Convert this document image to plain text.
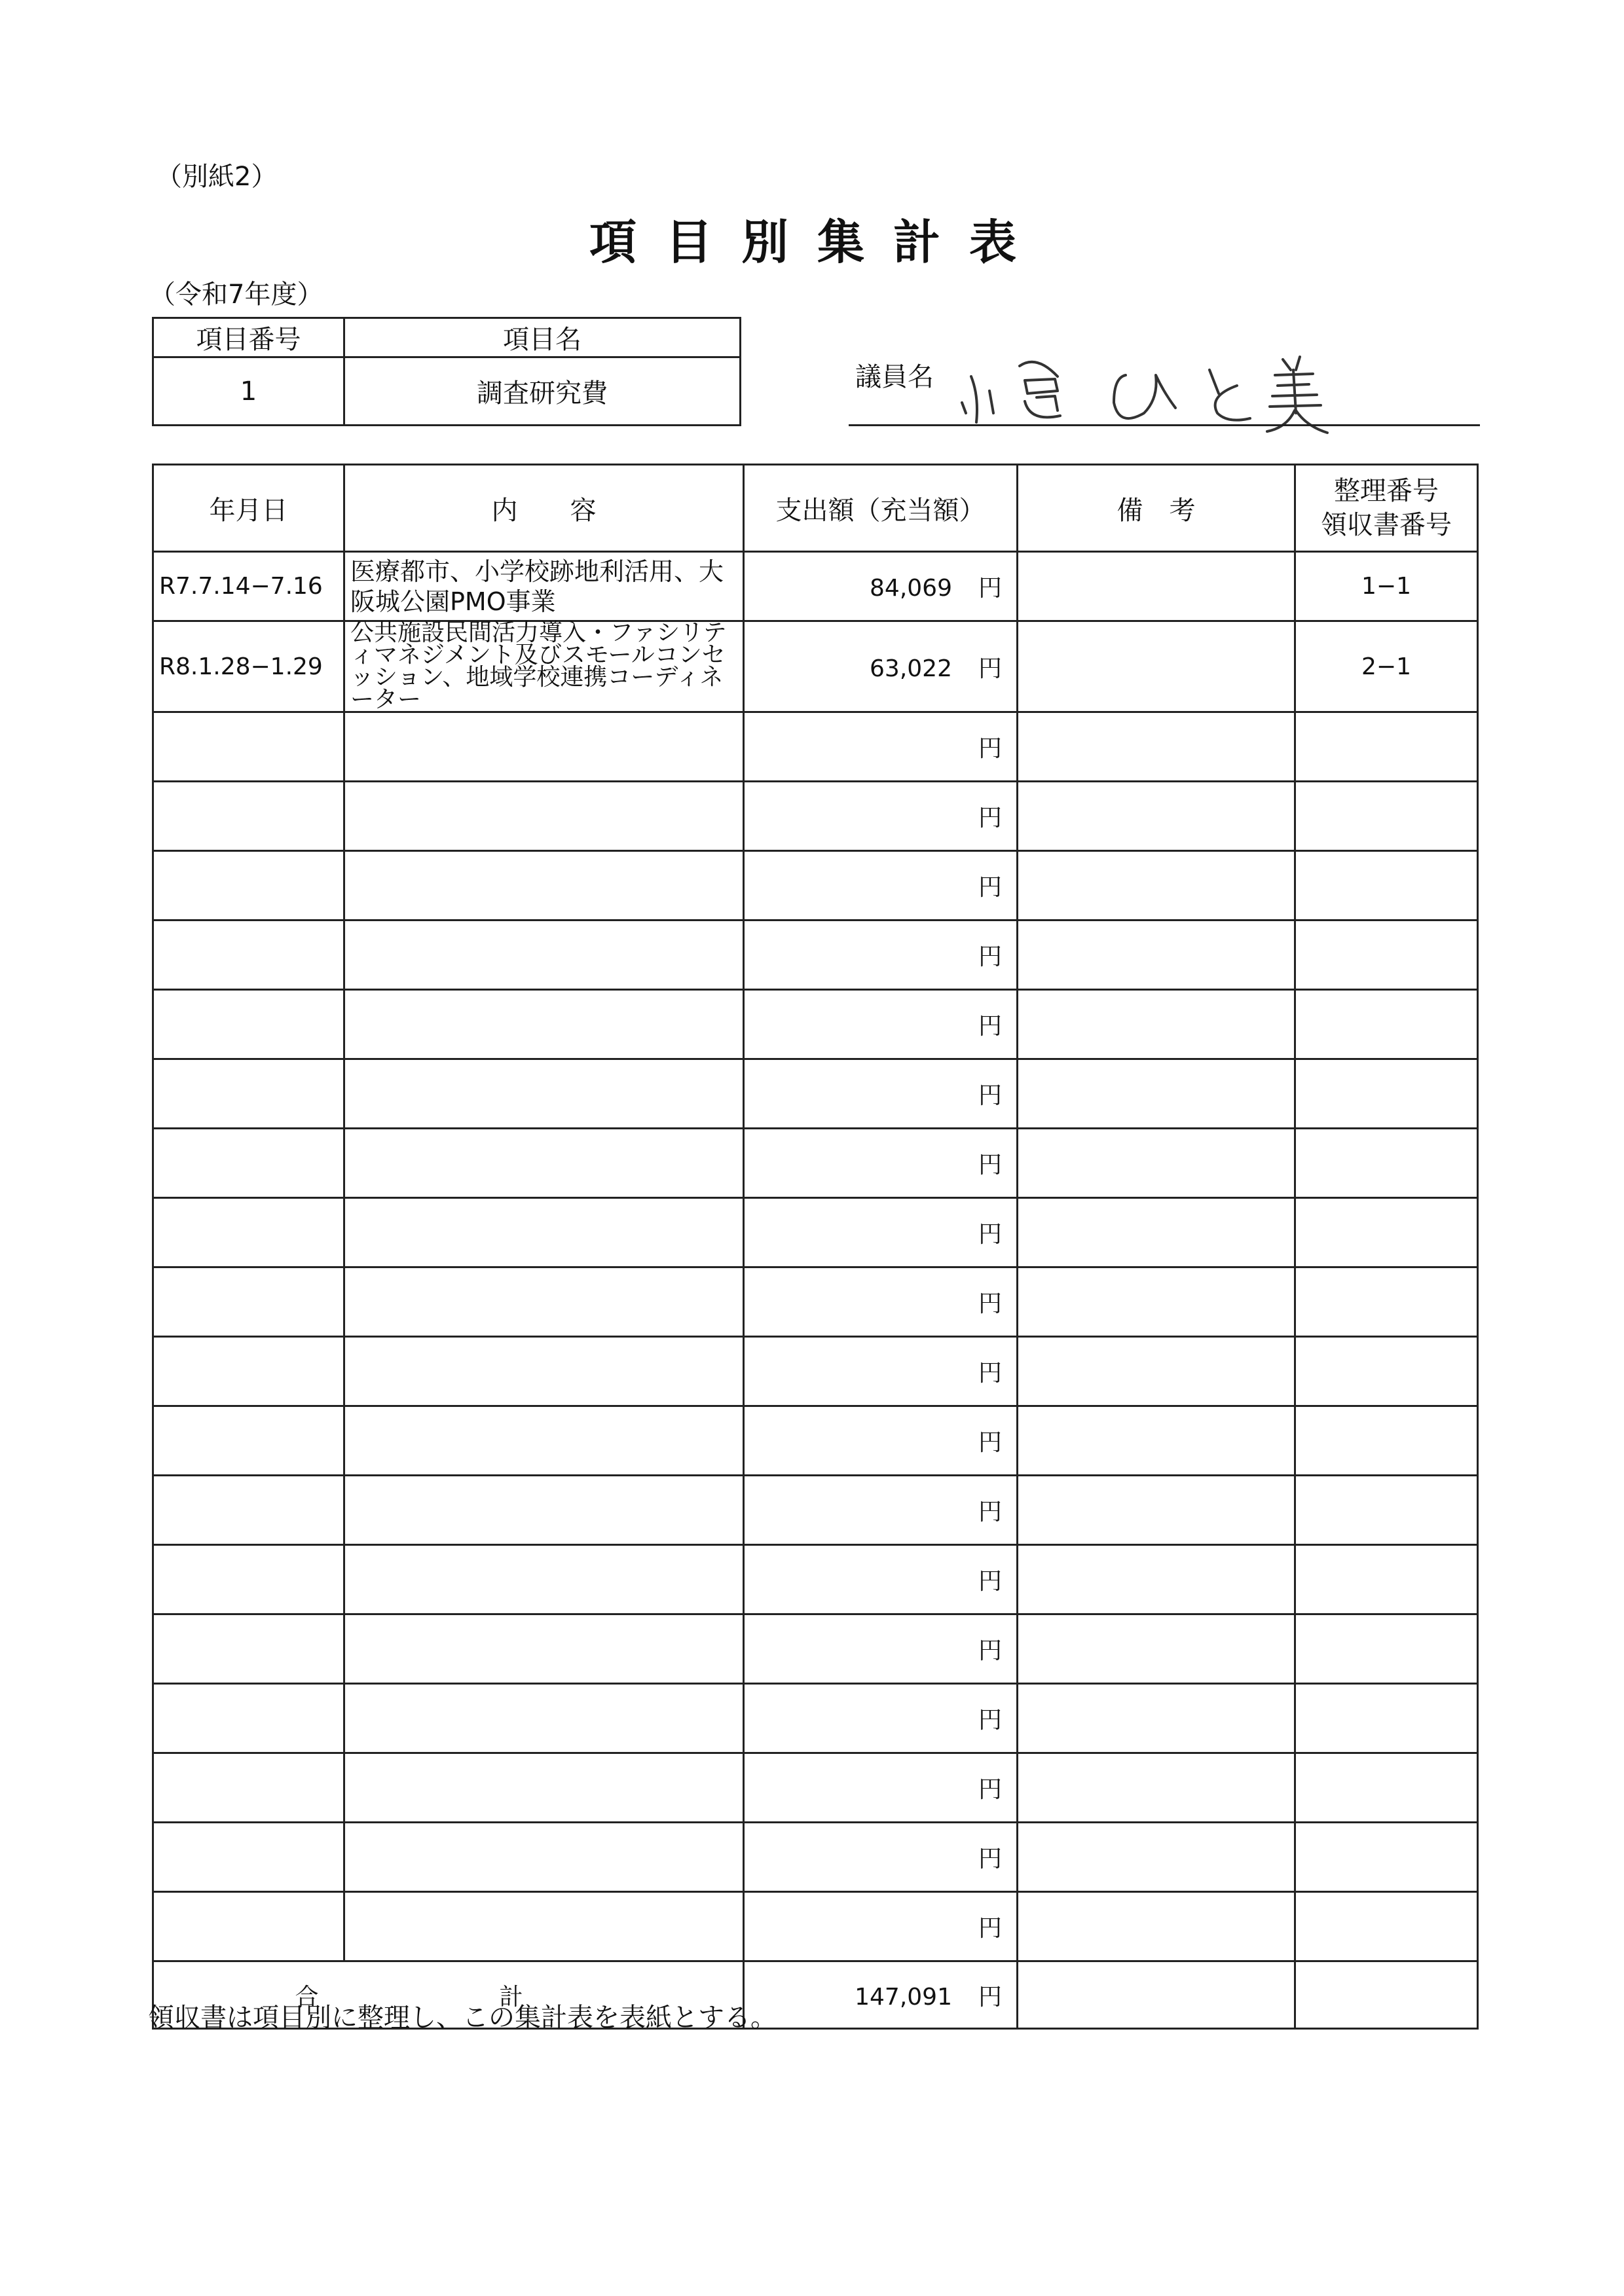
（別紙2）
項目別集計表
（令和7年度）
項目番号	項目名
1	調査研究費
議員名
年月日	内　　容	支出額（充当額）	備　考	整理番号
領収書番号

R7.7.14−7.16	医療都市、小学校跡地利活用、大阪城公園PMO事業	84,069 円		1−1
R8.1.28−1.29	公共施設民間活力導入・ファシリティマネジメント及びスモールコンセッション、地域学校連携コーディネーター	63,022 円		2−1
		円		
		円		
		円		
		円		
		円		
		円		
		円		
		円		
		円		
		円		
		円		
		円		
		円		
		円		
		円		
		円		
		円		
		円		
合　計		147,091 円		
領収書は項目別に整理し、この集計表を表紙とする。
